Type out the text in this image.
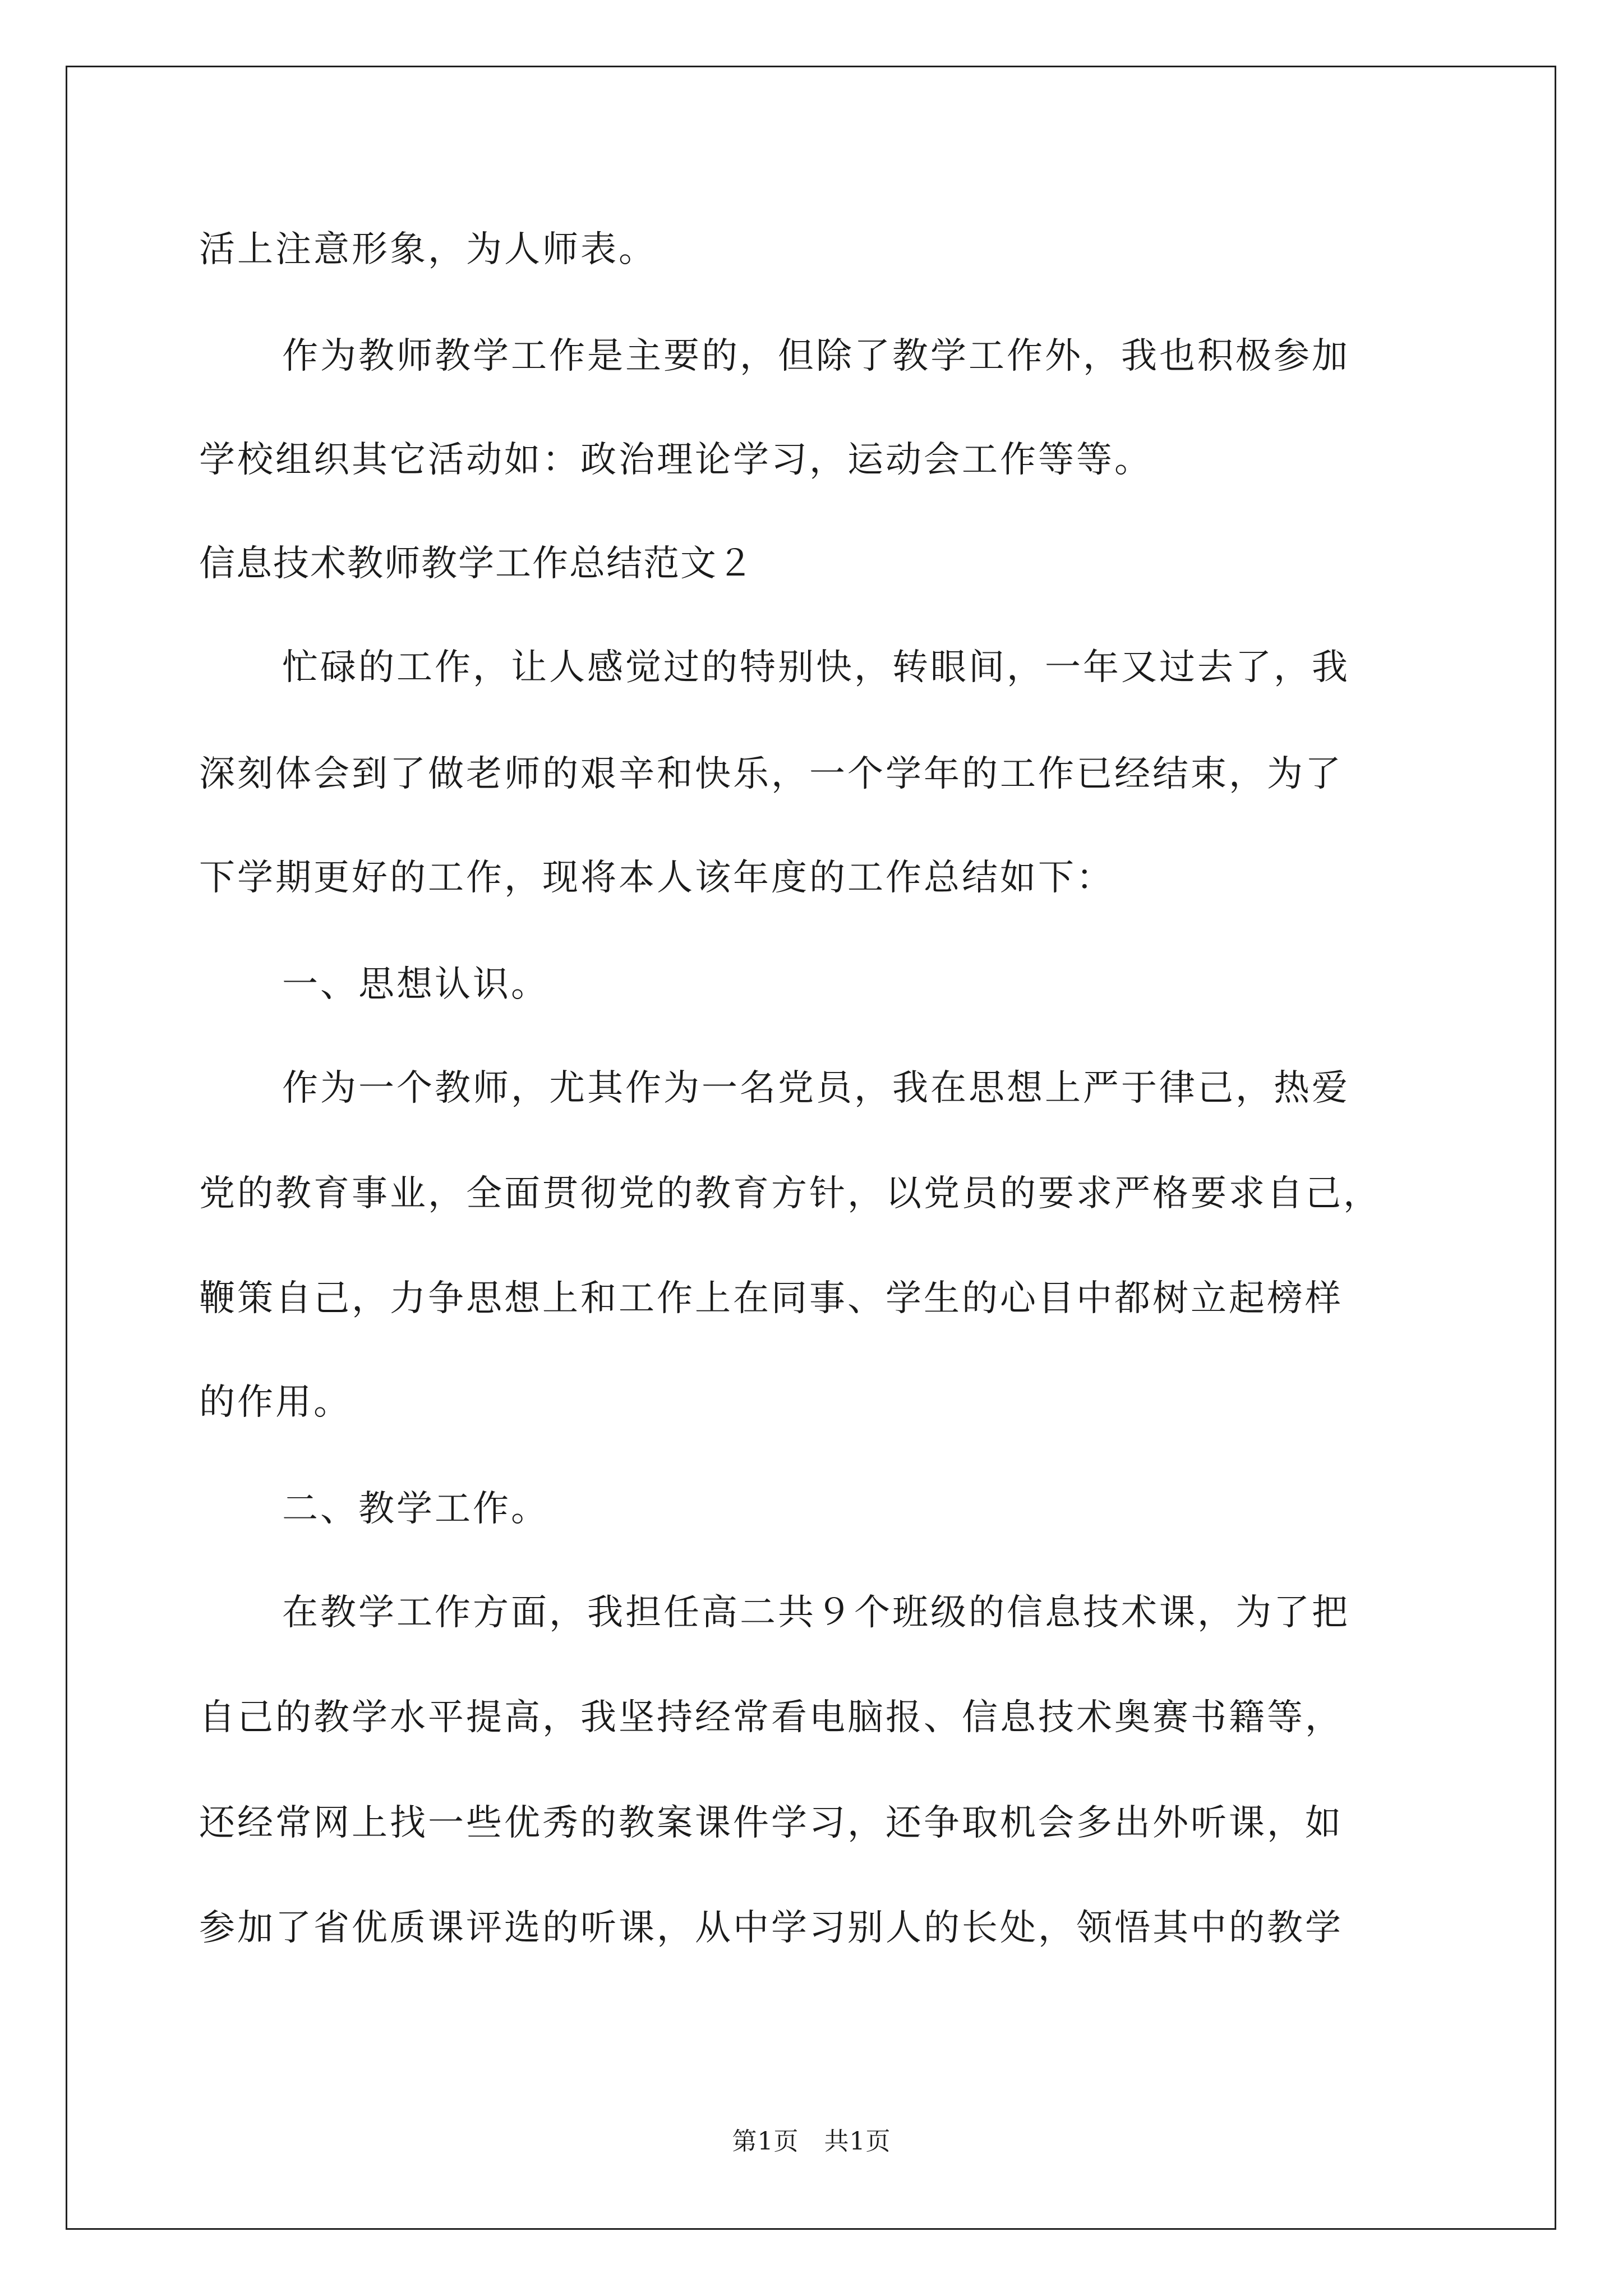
活上注意形象，为人师表。
作为教师教学工作是主要的，但除了教学工作外，我也积极参加
学校组织其它活动如：政治理论学习，运动会工作等等。
信息技术教师教学工作总结范文２
忙碌的工作，让人感觉过的特别快，转眼间，一年又过去了，我
深刻体会到了做老师的艰辛和快乐，一个学年的工作已经结束，为了
下学期更好的工作，现将本人该年度的工作总结如下：
一、思想认识。
作为一个教师，尤其作为一名党员，我在思想上严于律己，热爱
党的教育事业，全面贯彻党的教育方针，以党员的要求严格要求自己，
鞭策自己，力争思想上和工作上在同事、学生的心目中都树立起榜样
的作用。
二、教学工作。
在教学工作方面，我担任高二共９个班级的信息技术课，为了把
自己的教学水平提高，我坚持经常看电脑报、信息技术奥赛书籍等，
还经常网上找一些优秀的教案课件学习，还争取机会多出外听课，如
参加了省优质课评选的听课，从中学习别人的长处，领悟其中的教学
第1页　共1页
